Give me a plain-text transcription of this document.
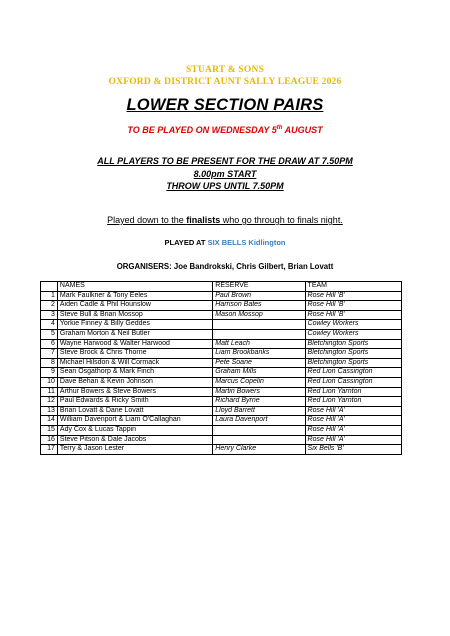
STUART & SONS
OXFORD & DISTRICT AUNT SALLY LEAGUE 2026
LOWER SECTION PAIRS
TO BE PLAYED ON WEDNESDAY 5th AUGUST
ALL PLAYERS TO BE PRESENT FOR THE DRAW AT 7.50PM
8.00pm START
THROW UPS UNTIL 7.50PM
Played down to the finalists who go through to finals night.
PLAYED AT SIX BELLS Kidlington
ORGANISERS: Joe Bandrokski, Chris Gilbert, Brian Lovatt
	NAMES	RESERVE	TEAM
1	Mark Faulkner & Tony Eeles	Paul Brown	Rose Hill 'B'
2	Aiden Cadle & Phil Hounslow	Harrison Bates	Rose Hill 'B'
3	Steve Bull & Brian Mossop	Mason Mossop	Rose Hill 'B'
4	Yorkie Finney & Billy Geddes		Cowley Workers
5	Graham Morton & Neil Butler		Cowley Workers
6	Wayne Harwood & Walter Harwood	Matt Leach	Bletchington Sports
7	Steve Brock & Chris Thorne	Liam Brookbanks	Bletchington Sports
8	Michael Hilsdon & Will Cormack	Pete Soane	Bletchington Sports
9	Sean Osgathorp & Mark Finch	Graham Mills	Red Lion Cassington
10	Dave Behan & Kevin Johnson	Marcus Copelin	Red Lion Cassington
11	Arthur Bowers & Steve Bowers	Martin Bowers	Red Lion Yarnton
12	Paul Edwards & Ricky Smith	Richard Byrne	Red Lion Yarnton
13	Brian Lovatt & Dane Lovatt	Lloyd Barrett	Rose Hill 'A'
14	William Davenport & Liam O'Callaghan	Laura Davenport	Rose Hill 'A'
15	Ady Cox & Lucas Tappin		Rose Hill 'A'
16	Steve Pitson & Dale Jacobs		Rose Hill 'A'
17	Terry & Jason Lester	Henry Clarke	Six Bells 'B'
